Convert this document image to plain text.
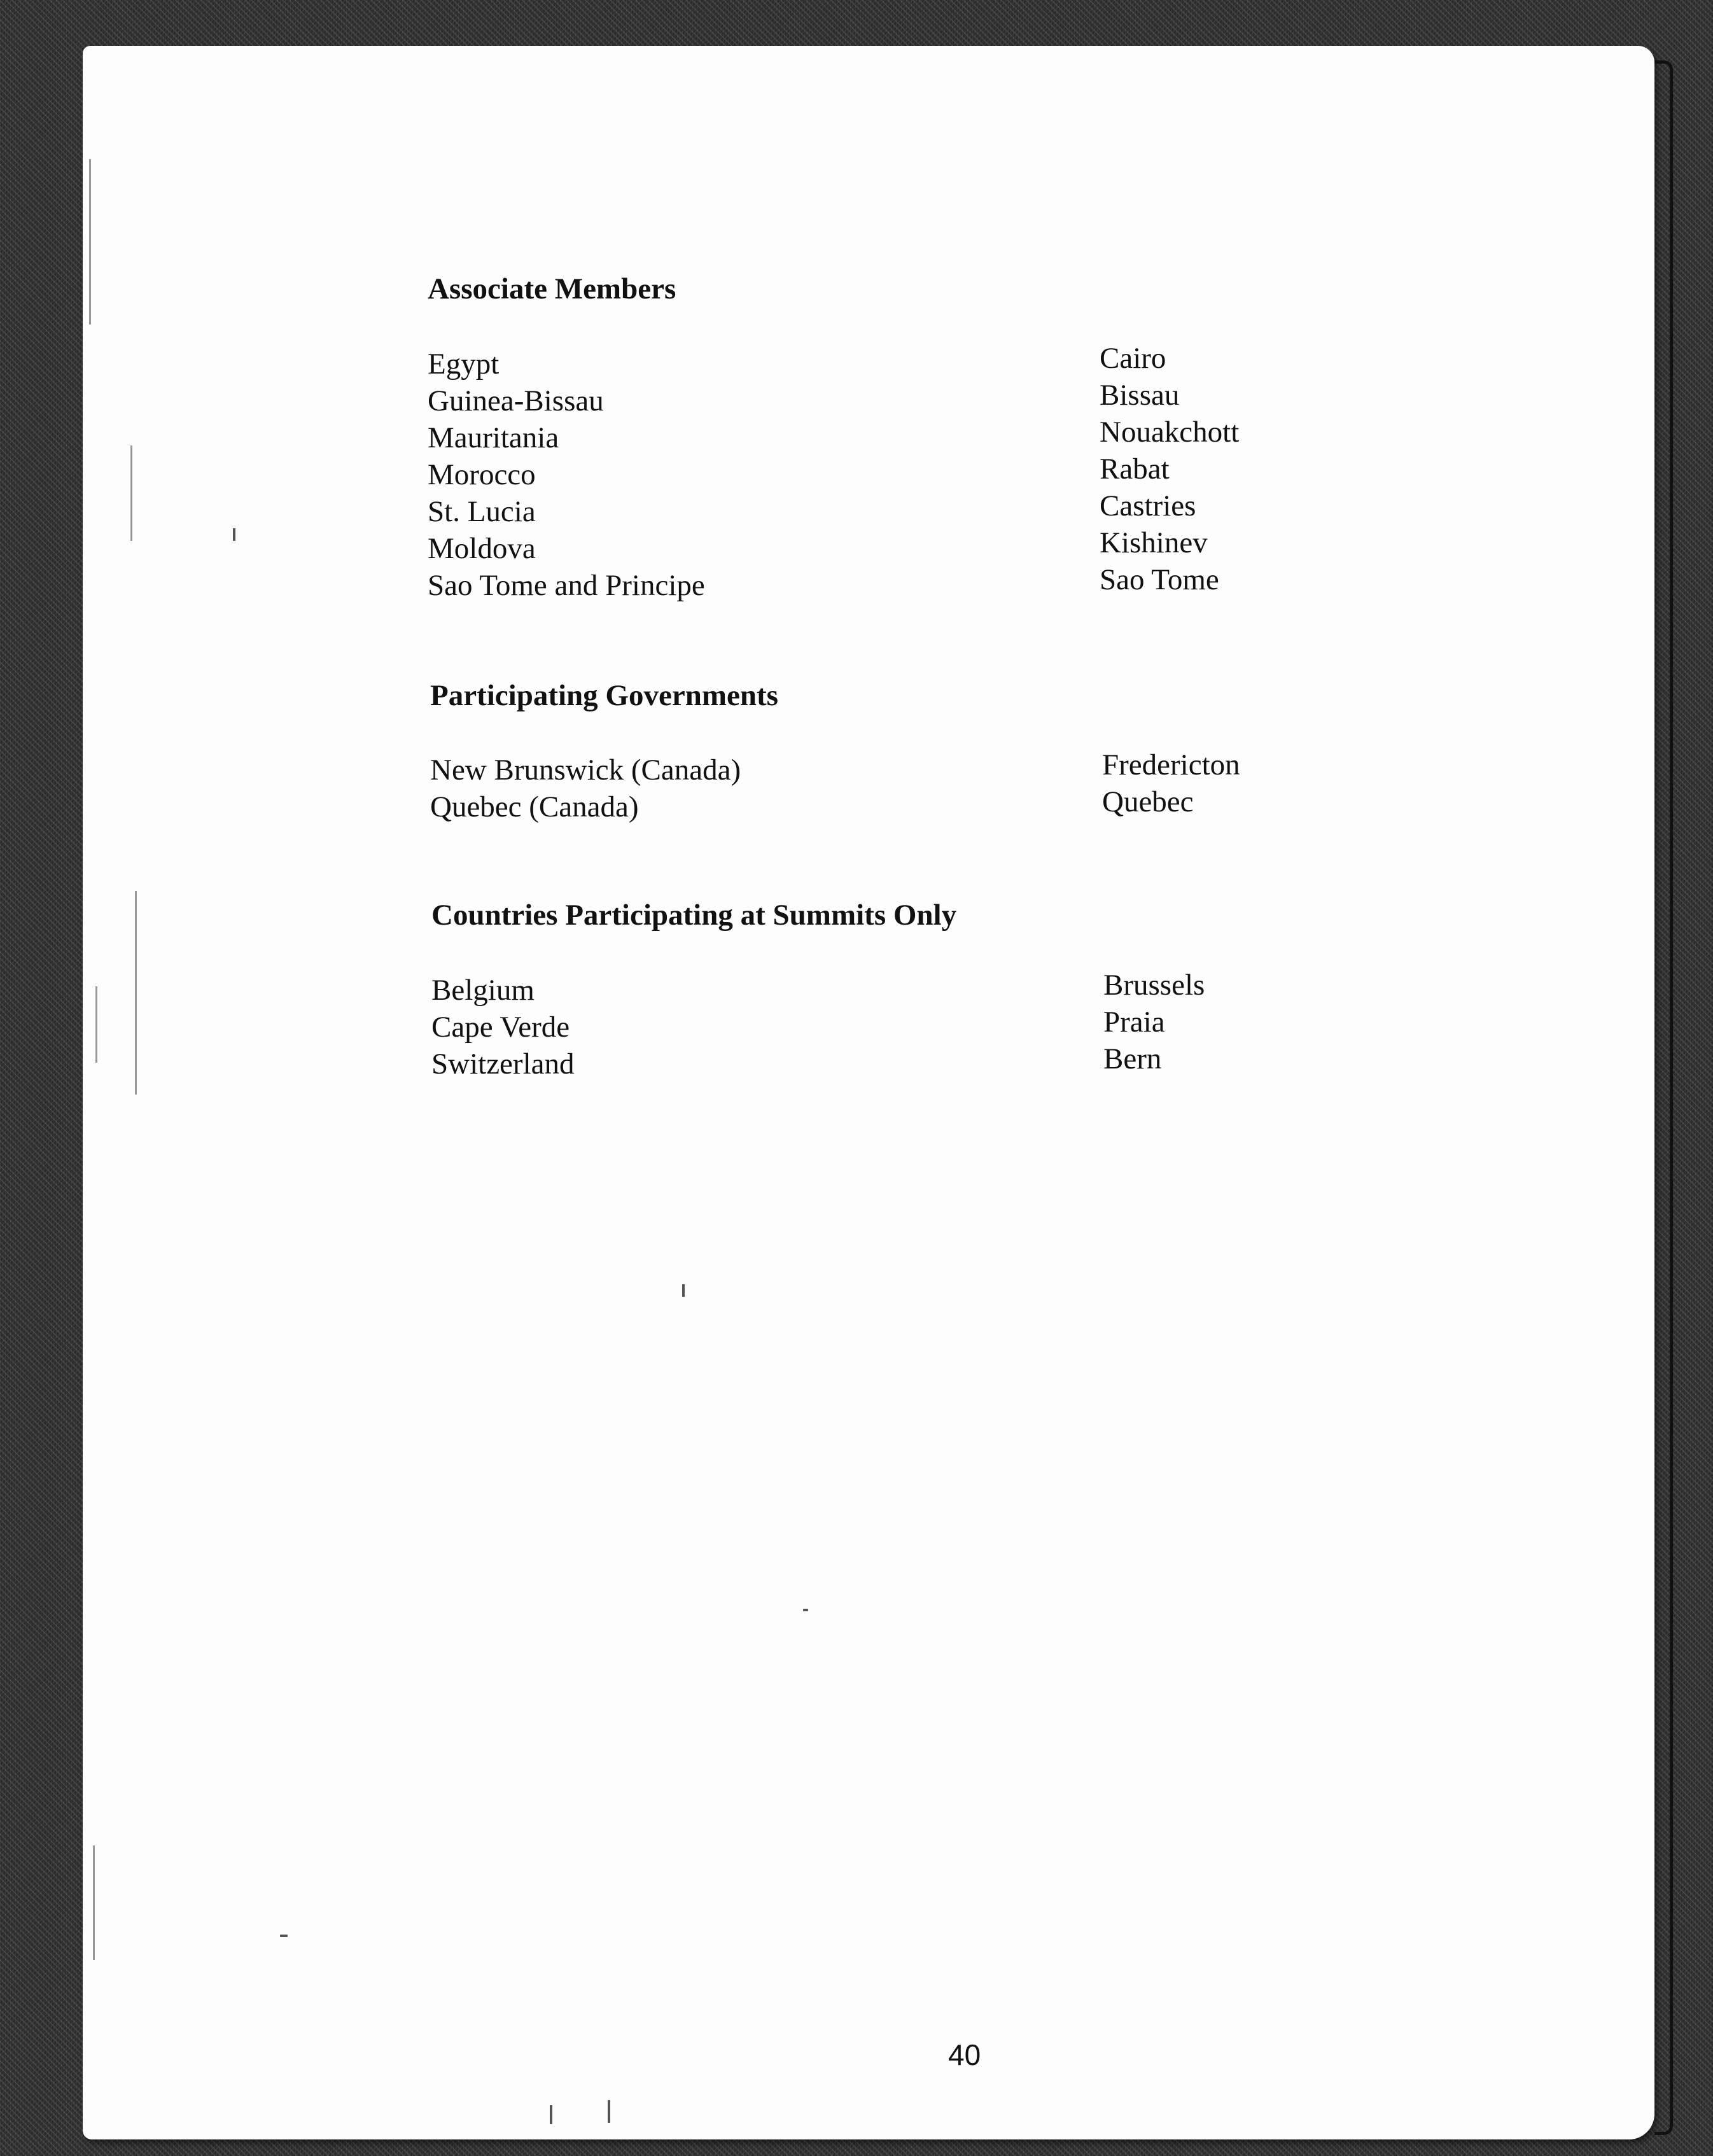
Associate Members
Egypt
Guinea-Bissau
Mauritania
Morocco
St. Lucia
Moldova
Sao Tome and Principe
Cairo
Bissau
Nouakchott
Rabat
Castries
Kishinev
Sao Tome
Participating Governments
New Brunswick (Canada)
Quebec (Canada)
Fredericton
Quebec
Countries Participating at Summits Only
Belgium
Cape Verde
Switzerland
Brussels
Praia
Bern
40
